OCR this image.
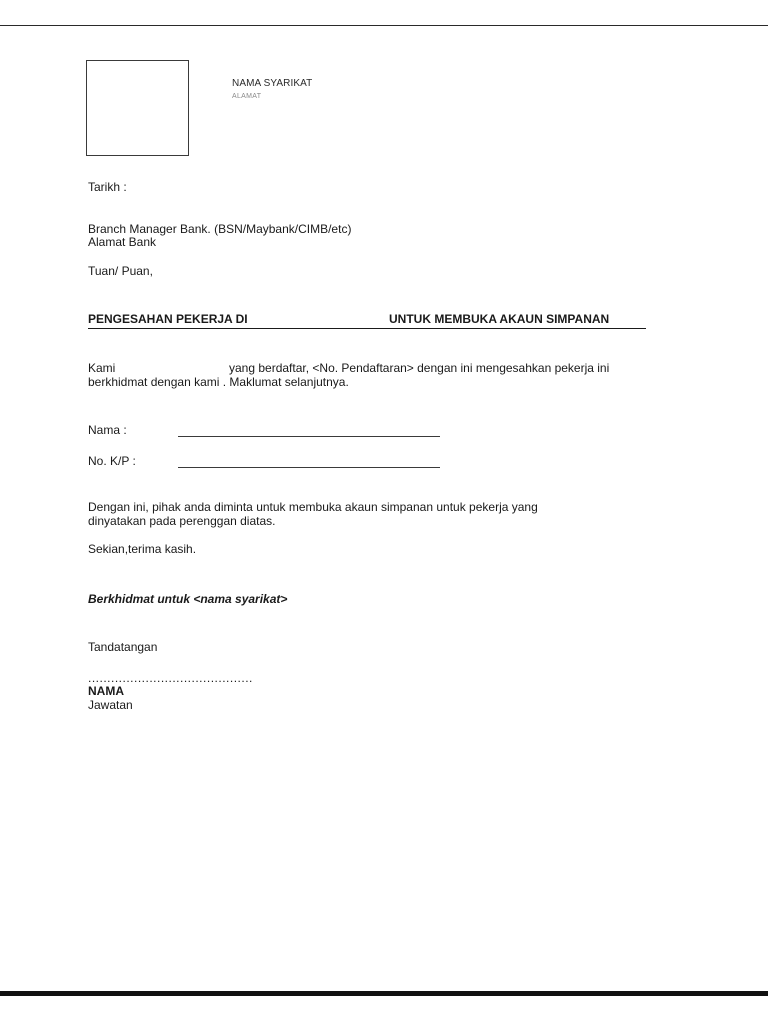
NAMA SYARIKAT
ALAMAT
Tarikh :
Branch Manager Bank. (BSN/Maybank/CIMB/etc)
Alamat Bank
Tuan/ Puan,
PENGESAHAN PEKERJA DI	UNTUK MEMBUKA AKAUN SIMPANAN
Kami	yang berdaftar, <No. Pendaftaran> dengan ini mengesahkan pekerja ini
berkhidmat dengan kami . Maklumat selanjutnya.
Nama :
No. K/P :
Dengan ini, pihak anda diminta untuk membuka akaun simpanan untuk pekerja yang
dinyatakan pada perenggan diatas.
Sekian,terima kasih.
Berkhidmat untuk <nama syarikat>
Tandatangan
...........................................
NAMA
Jawatan
